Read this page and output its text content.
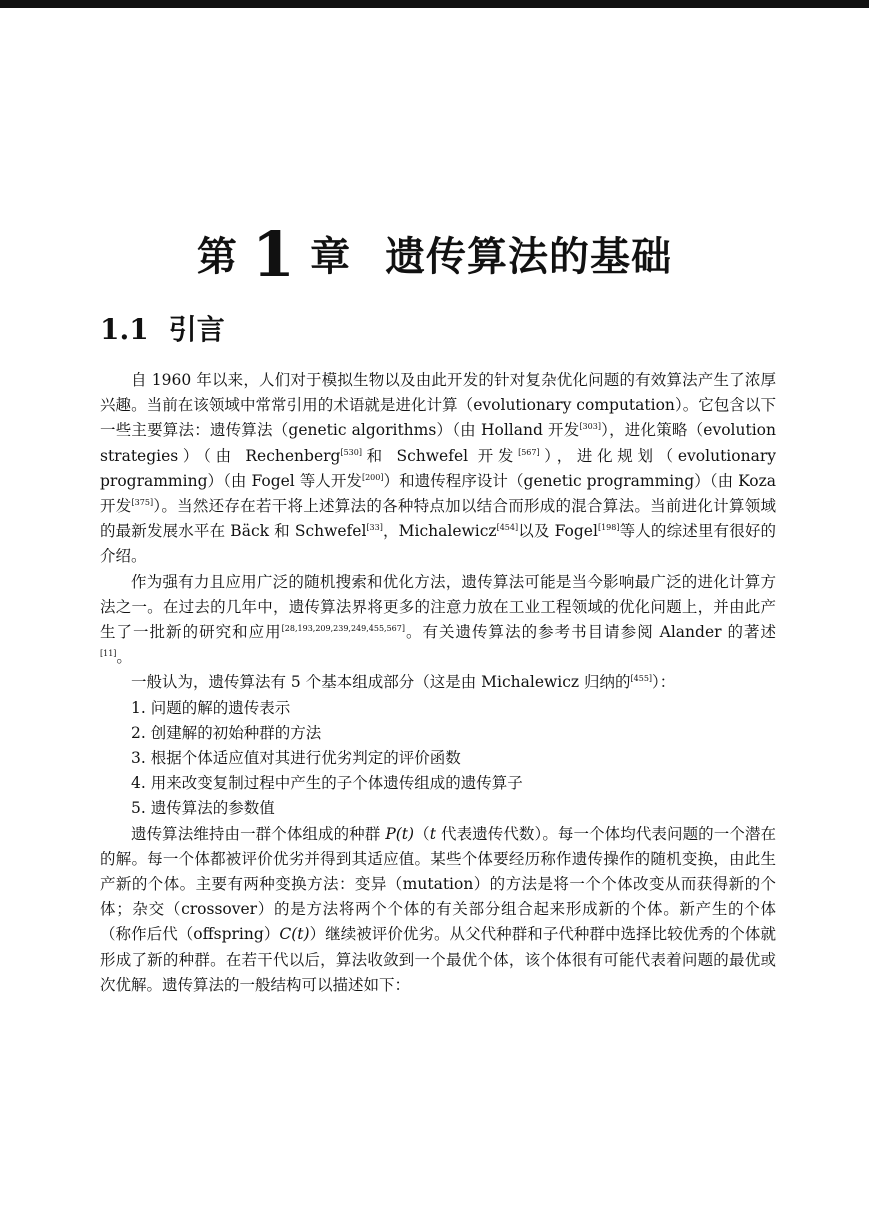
第 1 章 遗传算法的基础
1.1 引言

自 1960 年以来，人们对于模拟生物以及由此开发的针对复杂优化问题的有效算法产生了浓厚兴趣。当前在该领域中常常引用的术语就是进化计算（evolutionary computation）。它包含以下一些主要算法：遗传算法（genetic algorithms）（由 Holland 开发[303]），进化策略（evolution strategies）（由 Rechenberg[530]和 Schwefel 开发[567]），进化规划（evolutionary programming）（由 Fogel 等人开发[200]）和遗传程序设计（genetic programming）（由 Koza 开发[375]）。当然还存在若干将上述算法的各种特点加以结合而形成的混合算法。当前进化计算领域的最新发展水平在 Bäck 和 Schwefel[33]，Michalewicz[454]以及 Fogel[198]等人的综述里有很好的介绍。

作为强有力且应用广泛的随机搜索和优化方法，遗传算法可能是当今影响最广泛的进化计算方法之一。在过去的几年中，遗传算法界将更多的注意力放在工业工程领域的优化问题上，并由此产生了一批新的研究和应用[28,193,209,239,249,455,567]。有关遗传算法的参考书目请参阅 Alander 的著述[11]。

一般认为，遗传算法有 5 个基本组成部分（这是由 Michalewicz 归纳的[455]）：

1. 问题的解的遗传表示
2. 创建解的初始种群的方法
3. 根据个体适应值对其进行优劣判定的评价函数
4. 用来改变复制过程中产生的子个体遗传组成的遗传算子
5. 遗传算法的参数值

遗传算法维持由一群个体组成的种群 P(t)（t 代表遗传代数）。每一个体均代表问题的一个潜在的解。每一个体都被评价优劣并得到其适应值。某些个体要经历称作遗传操作的随机变换，由此生产新的个体。主要有两种变换方法：变异（mutation）的方法是将一个个体改变从而获得新的个体；杂交（crossover）的是方法将两个个体的有关部分组合起来形成新的个体。新产生的个体（称作后代（offspring）C(t)）继续被评价优劣。从父代种群和子代种群中选择比较优秀的个体就形成了新的种群。在若干代以后，算法收敛到一个最优个体，该个体很有可能代表着问题的最优或次优解。遗传算法的一般结构可以描述如下：
